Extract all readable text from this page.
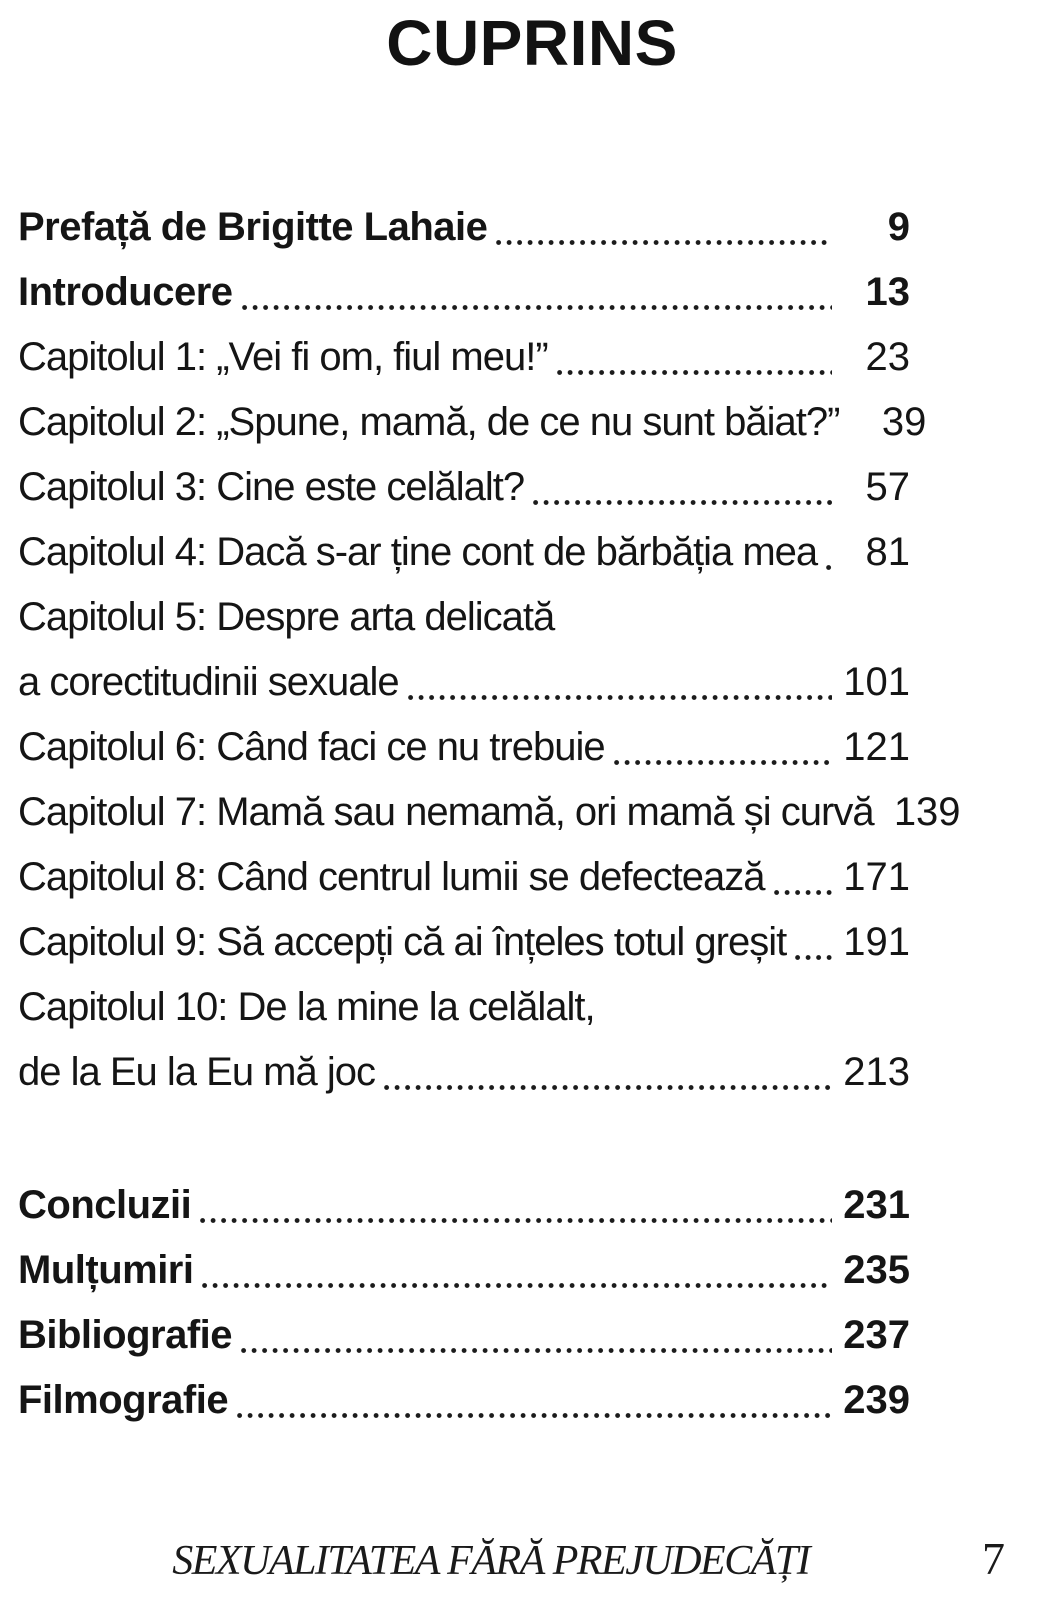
CUPRINS
Prefață de Brigitte Lahaie	9
Introducere	13
Capitolul 1: „Vei fi om, fiul meu!”	23
Capitolul 2: „Spune, mamă, de ce nu sunt băiat?”	39
Capitolul 3: Cine este celălalt?	57
Capitolul 4: Dacă s-ar ține cont de bărbăția mea	81
Capitolul 5: Despre arta delicată
a corectitudinii sexuale	101
Capitolul 6: Când faci ce nu trebuie	121
Capitolul 7: Mamă sau nemamă, ori mamă și curvă 139
Capitolul 8: Când centrul lumii se defectează 171
Capitolul 9: Să accepți că ai înțeles totul greșit 191
Capitolul 10: De la mine la celălalt,
de la Eu la Eu mă joc	213
Concluzii	231
Mulțumiri	235
Bibliografie	237
Filmografie	239
SEXUALITATEA FĂRĂ PREJUDECĂȚI	7
